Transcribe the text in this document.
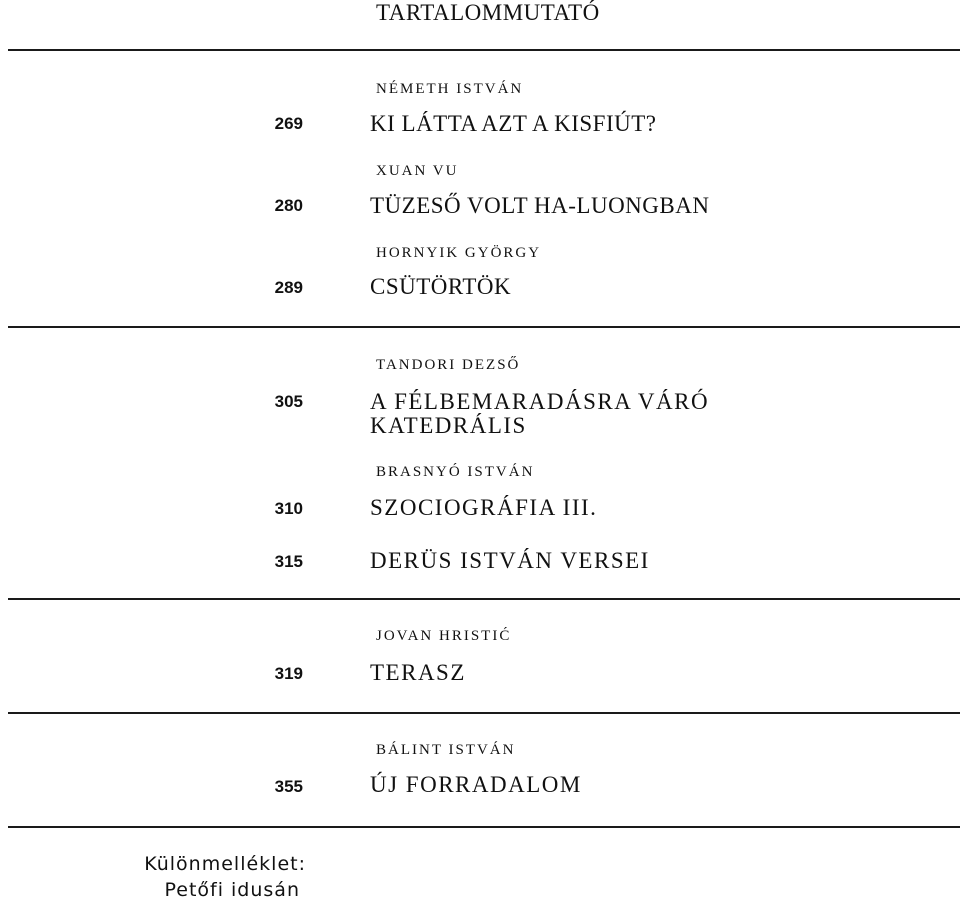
TARTALOMMUTATÓ
NÉMETH ISTVÁN
269	KI LÁTTA AZT A KISFIÚT?
XUAN VU
280	TÜZESŐ VOLT HA-LUONGBAN
HORNYIK GYÖRGY
289	CSÜTÖRTÖK
TANDORI DEZSŐ
305	A FÉLBEMARADÁSRA VÁRÓ
KATEDRÁLIS
BRASNYÓ ISTVÁN
310	SZOCIOGRÁFIA III.
315	DERÜS ISTVÁN VERSEI
JOVAN HRISTIĆ
319	TERASZ
BÁLINT ISTVÁN
355	ÚJ FORRADALOM
Különmelléklet:
Petőfi idusán
